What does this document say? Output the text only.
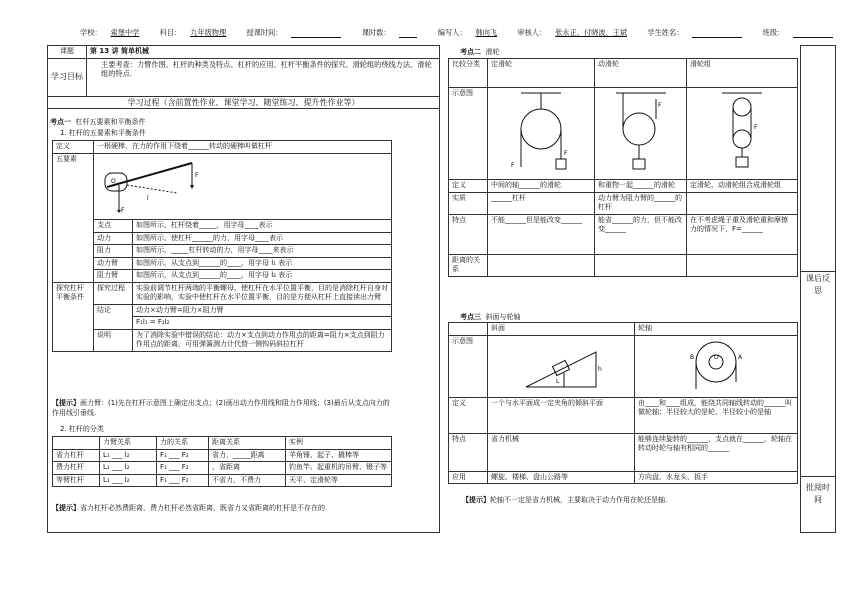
学校： 索堡中学	科目： 九年级物理	授课时间：	课时数：	编写人： 韩向飞	审核人： 张永正、付晓波、王斌	学生姓名：	班级：
课题	第 13 讲 简单机械
学习目标	主要考查：力臂作图、杠杆的种类及特点、杠杆的应用、杠杆平衡条件的探究、滑轮组的绕线方法、滑轮组的特点.
学习过程（含前置性作业、课堂学习、随堂练习、提升性作业等）	
考点一 杠杆五要素和平衡条件
1. 杠杆的五要素和平衡条件
定义	一根硬棒，在力的作用下绕着______转动的硬棒叫做杠杆	
五要素	F
F
l
O	

	支点	如图所示，杠杆绕着_____，用字母____表示
	动力	如图所示，使杠杆______的力，用字母____表示
	阻力	如图所示，_____杠杆转动的力，用字母____来表示
	动力臂	如图所示，从支点到______的____，用字母 l₁ 表示
	阻力臂	如图所示，从支点到______的____，用字母 l₂ 表示
探究杠杆平衡条件	探究过程	实验前调节杠杆两端的平衡螺母，使杠杆在水平位置平衡，目的是消除杠杆自身对实验的影响，实验中使杠杆在水平位置平衡，目的是方便从杠杆上直接读出力臂
	结论	动力×动力臂=阻力×阻力臂
		F₁l₁ = F₂l₂
	说明	为了消除实验中错误的结论：动力×支点到动力作用点的距离=阻力×支点到阻力作用点的距离，可用弹簧测力计代替一侧钩码斜拉杠杆
【提示】画力臂：(1)先在杠杆示意图上确定出支点；(2)画出动力作用线和阻力作用线；(3)最后从支点向力的作用线引垂线.
2. 杠杆的分类
	力臂关系	力的关系	距离关系	实例
省力杠杆	L₁ ___ l₂	F₁ ___ F₂	省力，_____距离	羊角锤、起子、撬棒等
费力杠杆	L₁ ___ l₂	F₁ ___ F₂	，省距离	钓鱼竿、起重机的吊臂、镊子等
等臂杠杆	L₁ ___ l₂	F₁ ___ F₂	不省力，不费力	天平、定滑轮等
【提示】省力杠杆必然费距离，费力杠杆必然省距离，既省力又省距离的杠杆是不存在的.
考点二 滑轮
比较分类	定滑轮	动滑轮	滑轮组
示意图	F
F	F	F

定义	中间的轴______的滑轮	和重物一起______的滑轮	定滑轮、动滑轮组合成滑轮组
实质	______杠杆	动力臂为阻力臂的______的杠杆	
特点	不能______但是能改变______	能省______的力，但不能改变______	在不考虑绳子重及滑轮重和摩擦力的情况下，F=______
距离的关系			
考点三 斜面与轮轴
	斜面	轮轴
示意图	h
L	B A
O

定义	一个与水平面成一定夹角的倾斜平面	由____和____组成，能绕共同轴线转动的______叫做轮轴；半径较大的是轮，半径较小的是轴
特点	省力机械	能够连续旋转的______，支点就在______，轮轴在转动时轮与轴有相同的______
应用	螺旋、楼梯、盘山公路等	方向盘、水龙头、扳手
【提示】轮轴不一定是省力机械，主要取决于动力作用在轮还是轴.
课后反思
批阅时间
